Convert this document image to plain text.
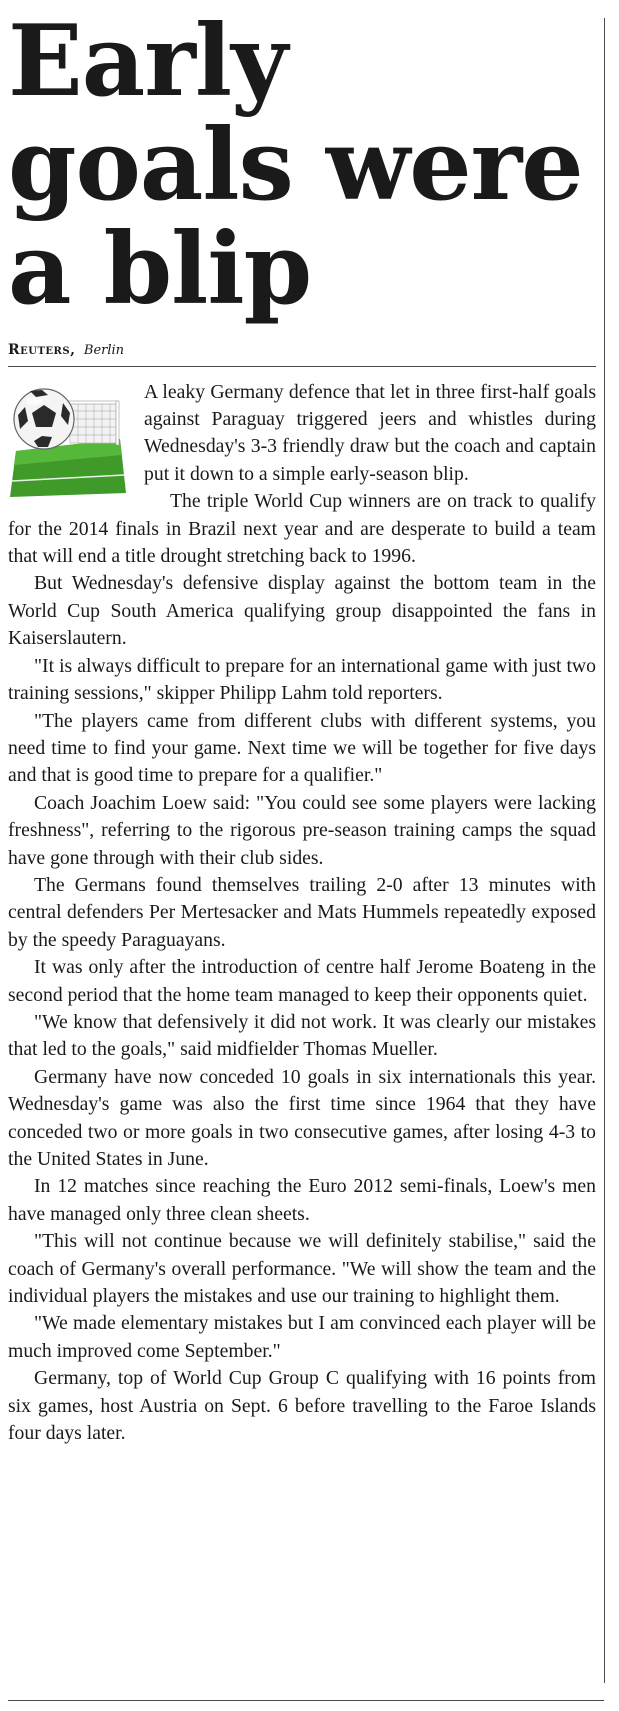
Early goals were a blip
Reuters, Berlin

A leaky Germany defence that let in three first-half goals against Paraguay triggered jeers and whistles during Wednesday's 3-3 friendly draw but the coach and captain put it down to a simple early-season blip.

The triple World Cup winners are on track to qualify for the 2014 finals in Brazil next year and are desperate to build a team that will end a title drought stretching back to 1996.

But Wednesday's defensive display against the bottom team in the World Cup South America qualifying group disappointed the fans in Kaiserslautern.

"It is always difficult to prepare for an international game with just two training sessions," skipper Philipp Lahm told reporters.

"The players came from different clubs with different systems, you need time to find your game. Next time we will be together for five days and that is good time to prepare for a qualifier."

Coach Joachim Loew said: "You could see some players were lacking freshness", referring to the rigorous pre-season training camps the squad have gone through with their club sides.

The Germans found themselves trailing 2-0 after 13 minutes with central defenders Per Mertesacker and Mats Hummels repeatedly exposed by the speedy Paraguayans.

It was only after the introduction of centre half Jerome Boateng in the second period that the home team managed to keep their opponents quiet.

"We know that defensively it did not work. It was clearly our mistakes that led to the goals," said midfielder Thomas Mueller.

Germany have now conceded 10 goals in six internationals this year. Wednesday's game was also the first time since 1964 that they have conceded two or more goals in two consecutive games, after losing 4-3 to the United States in June.

In 12 matches since reaching the Euro 2012 semi-finals, Loew's men have managed only three clean sheets.

"This will not continue because we will definitely stabilise," said the coach of Germany's overall performance. "We will show the team and the individual players the mistakes and use our training to highlight them.

"We made elementary mistakes but I am convinced each player will be much improved come September."

Germany, top of World Cup Group C qualifying with 16 points from six games, host Austria on Sept. 6 before travelling to the Faroe Islands four days later.
